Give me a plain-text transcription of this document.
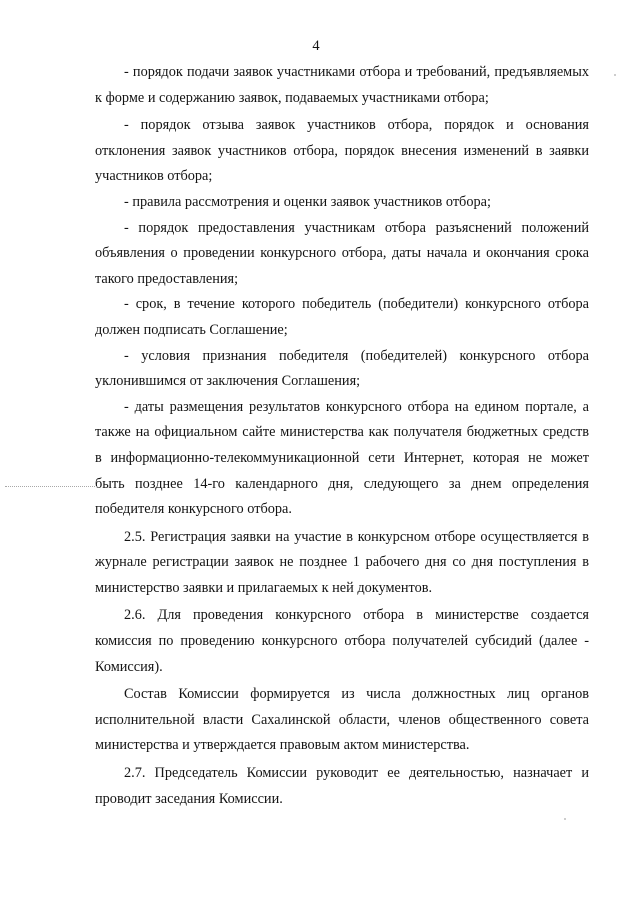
4

- порядок подачи заявок участниками отбора и требований, предъявляемых к форме и содержанию заявок, подаваемых участниками отбора;

- порядок отзыва заявок участников отбора, порядок и основания отклонения заявок участников отбора, порядок внесения изменений в заявки участников отбора;

- правила рассмотрения и оценки заявок участников отбора;

- порядок предоставления участникам отбора разъяснений положений объявления о проведении конкурсного отбора, даты начала и окончания срока такого предоставления;

- срок, в течение которого победитель (победители) конкурсного отбора должен подписать Соглашение;

- условия признания победителя (победителей) конкурсного отбора уклонившимся от заключения Соглашения;

- даты размещения результатов конкурсного отбора на едином портале, а также на официальном сайте министерства как получателя бюджетных средств в информационно-телекоммуникационной сети Интернет, которая не может быть позднее 14-го календарного дня, следующего за днем определения победителя конкурсного отбора.

2.5. Регистрация заявки на участие в конкурсном отборе осуществляется в журнале регистрации заявок не позднее 1 рабочего дня со дня поступления в министерство заявки и прилагаемых к ней документов.

2.6. Для проведения конкурсного отбора в министерстве создается комиссия по проведению конкурсного отбора получателей субсидий (далее - Комиссия).

Состав Комиссии формируется из числа должностных лиц органов исполнительной власти Сахалинской области, членов общественного совета министерства и утверждается правовым актом министерства.

2.7. Председатель Комиссии руководит ее деятельностью, назначает и проводит заседания Комиссии.
